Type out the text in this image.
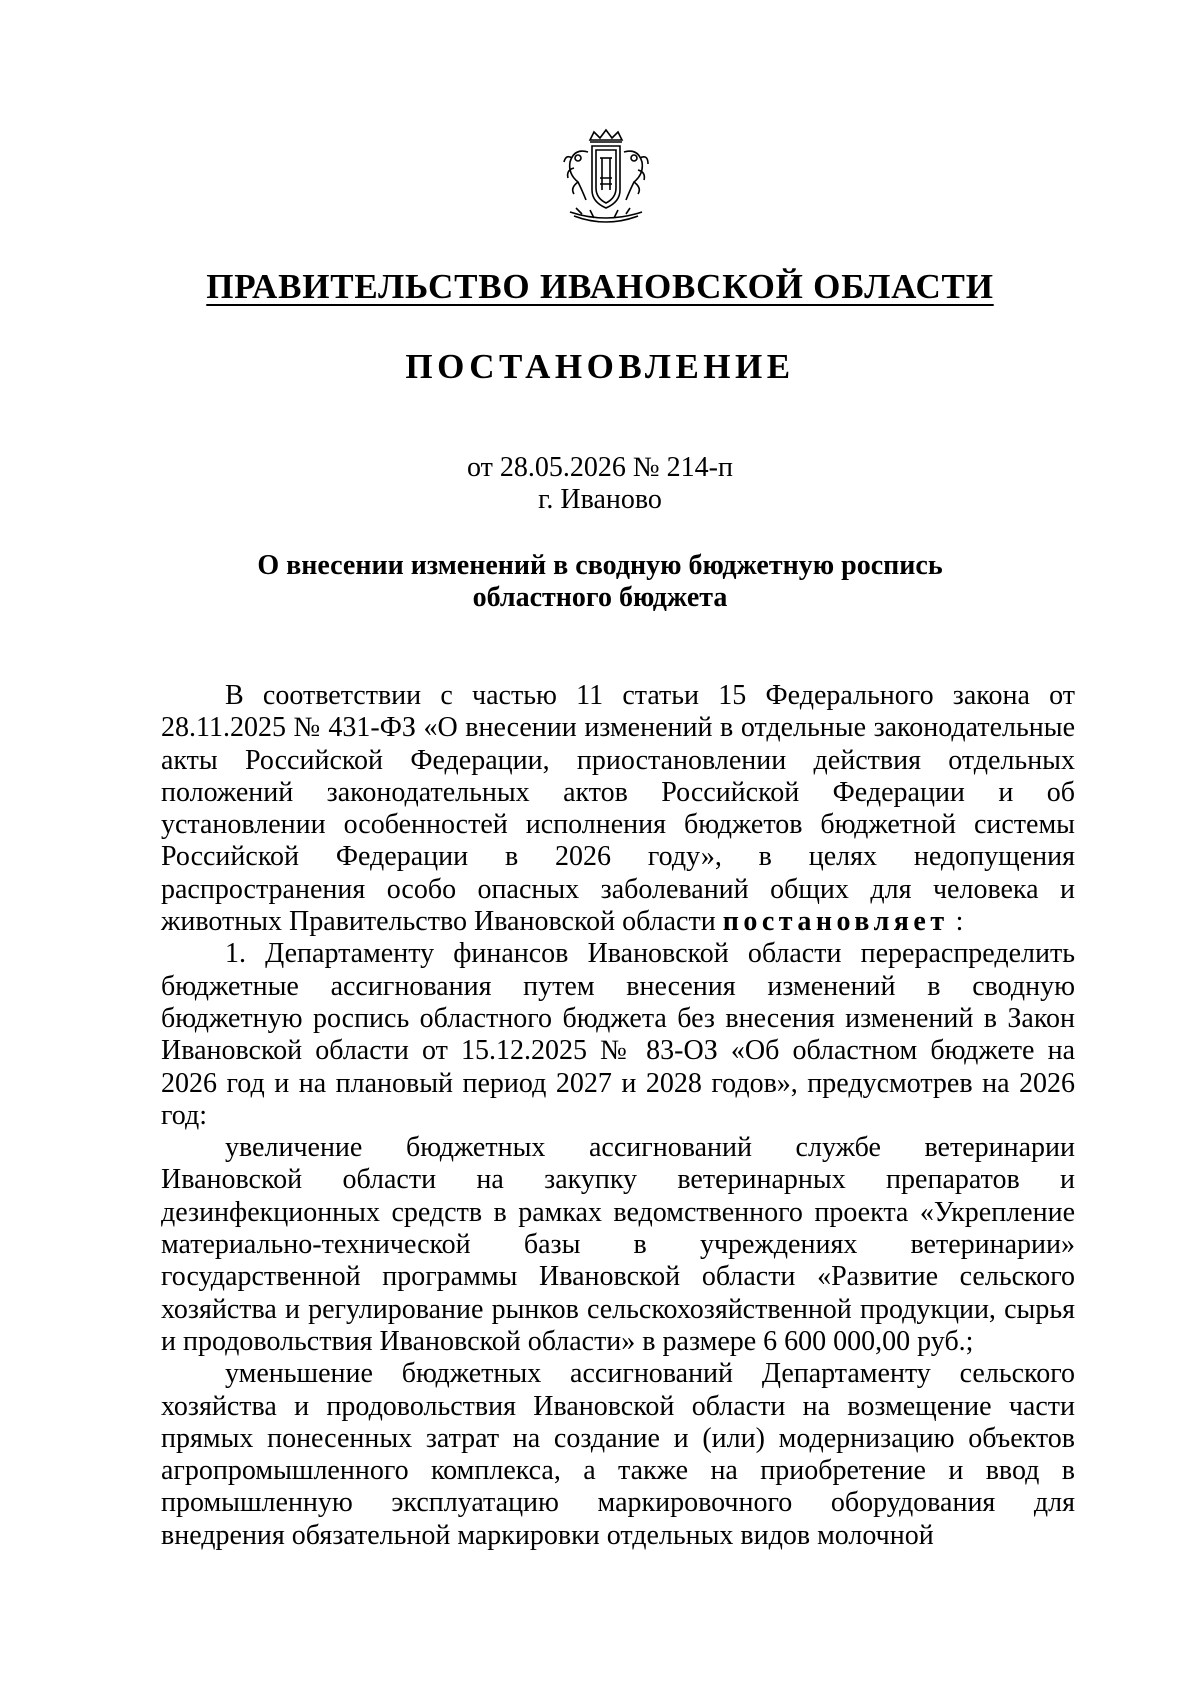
ПРАВИТЕЛЬСТВО ИВАНОВСКОЙ ОБЛАСТИ
ПОСТАНОВЛЕНИЕ
от 28.05.2026 № 214-п
г. Иваново
О внесении изменений в сводную бюджетную роспись
областного бюджета

В соответствии с частью 11 статьи 15 Федерального закона от 28.11.2025 № 431-ФЗ «О внесении изменений в отдельные законодательные акты Российской Федерации, приостановлении действия отдельных положений законодательных актов Российской Федерации и об установлении особенностей исполнения бюджетов бюджетной системы Российской Федерации в 2026 году», в целях недопущения распространения особо опасных заболеваний общих для человека и животных Правительство Ивановской области постановляет :

1. Департаменту финансов Ивановской области перераспределить бюджетные ассигнования путем внесения изменений в сводную бюджетную роспись областного бюджета без внесения изменений в Закон Ивановской области от 15.12.2025 № 83-ОЗ «Об областном бюджете на 2026 год и на плановый период 2027 и 2028 годов», предусмотрев на 2026 год:

увеличение бюджетных ассигнований службе ветеринарии Ивановской области на закупку ветеринарных препаратов и дезинфекционных средств в рамках ведомственного проекта «Укрепление материально-технической базы в учреждениях ветеринарии» государственной программы Ивановской области «Развитие сельского хозяйства и регулирование рынков сельскохозяйственной продукции, сырья и продовольствия Ивановской области» в размере 6 600 000,00 руб.;

уменьшение бюджетных ассигнований Департаменту сельского хозяйства и продовольствия Ивановской области на возмещение части прямых понесенных затрат на создание и (или) модернизацию объектов агропромышленного комплекса, а также на приобретение и ввод в промышленную эксплуатацию маркировочного оборудования для внедрения обязательной маркировки отдельных видов молочной
